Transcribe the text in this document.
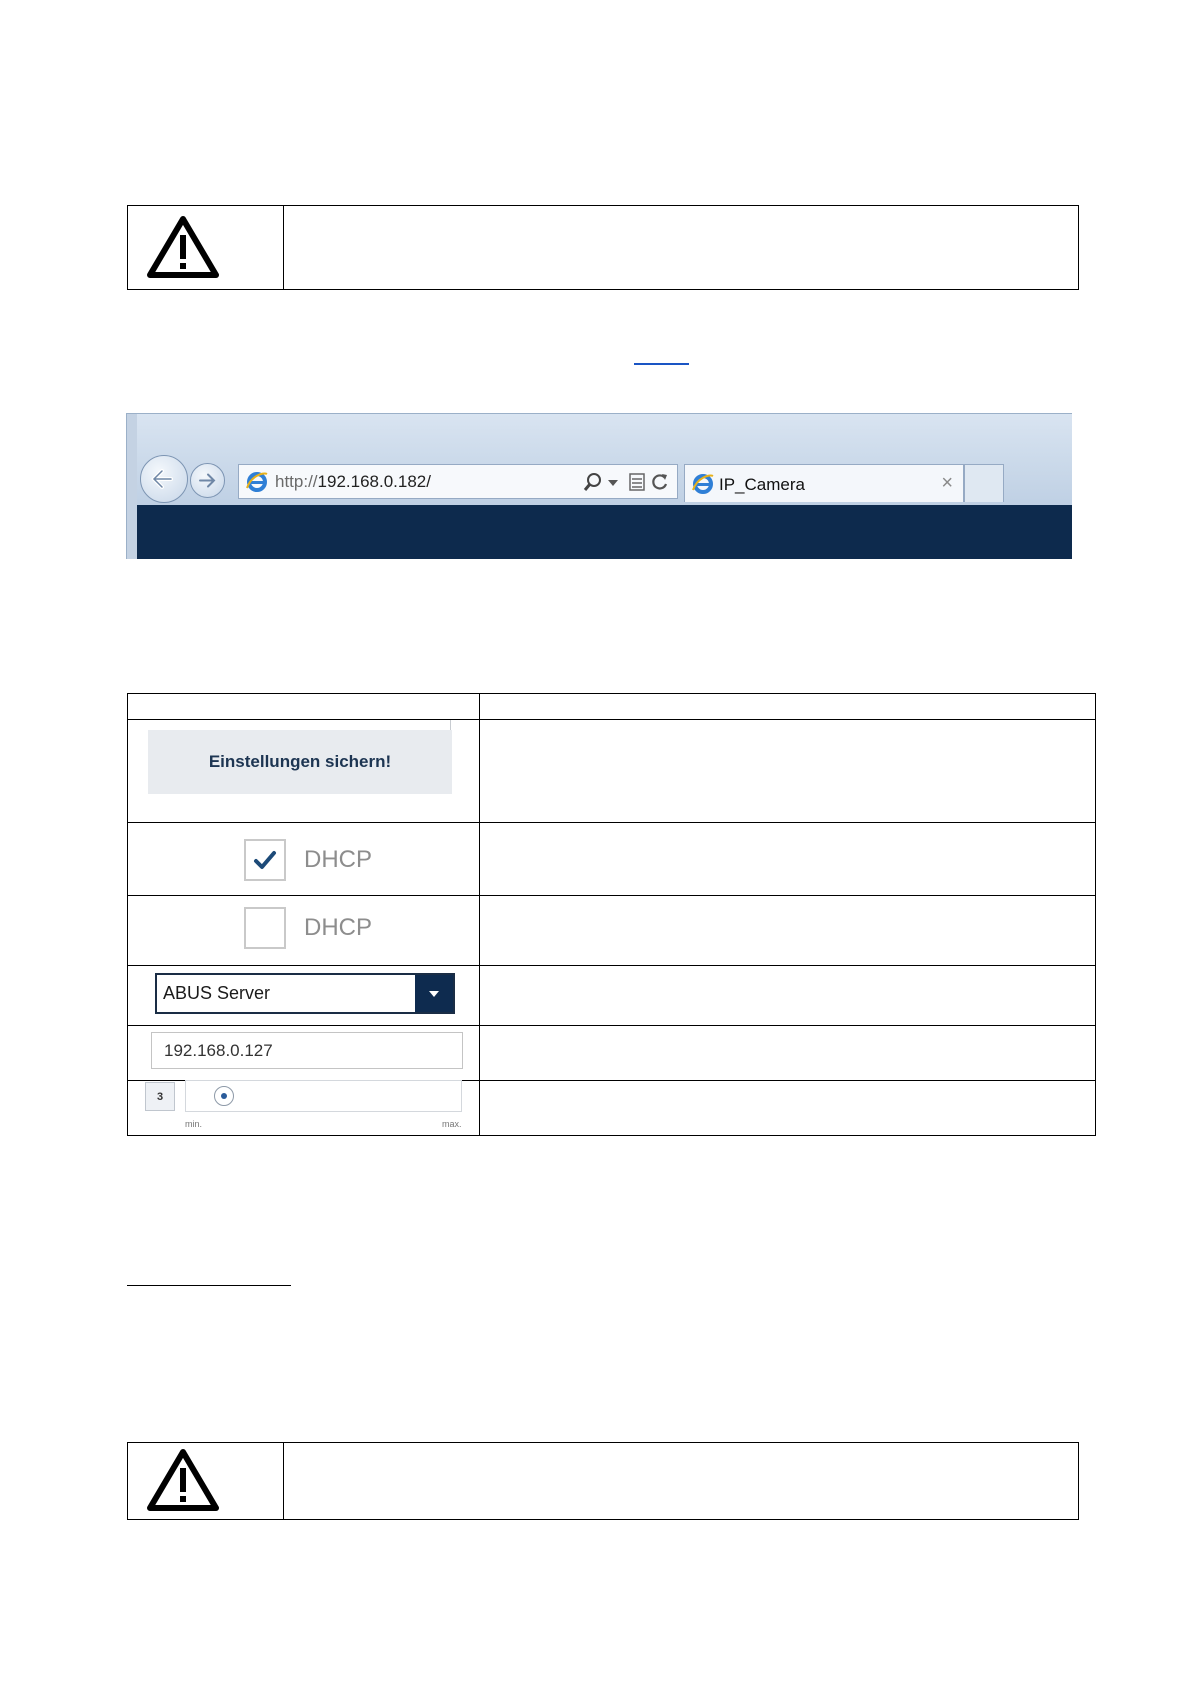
http://192.168.0.182/	IP_Camera	×
Einstellungen sichern!
DHCP
DHCP
ABUS Server
192.168.0.127
3
min.	max.
